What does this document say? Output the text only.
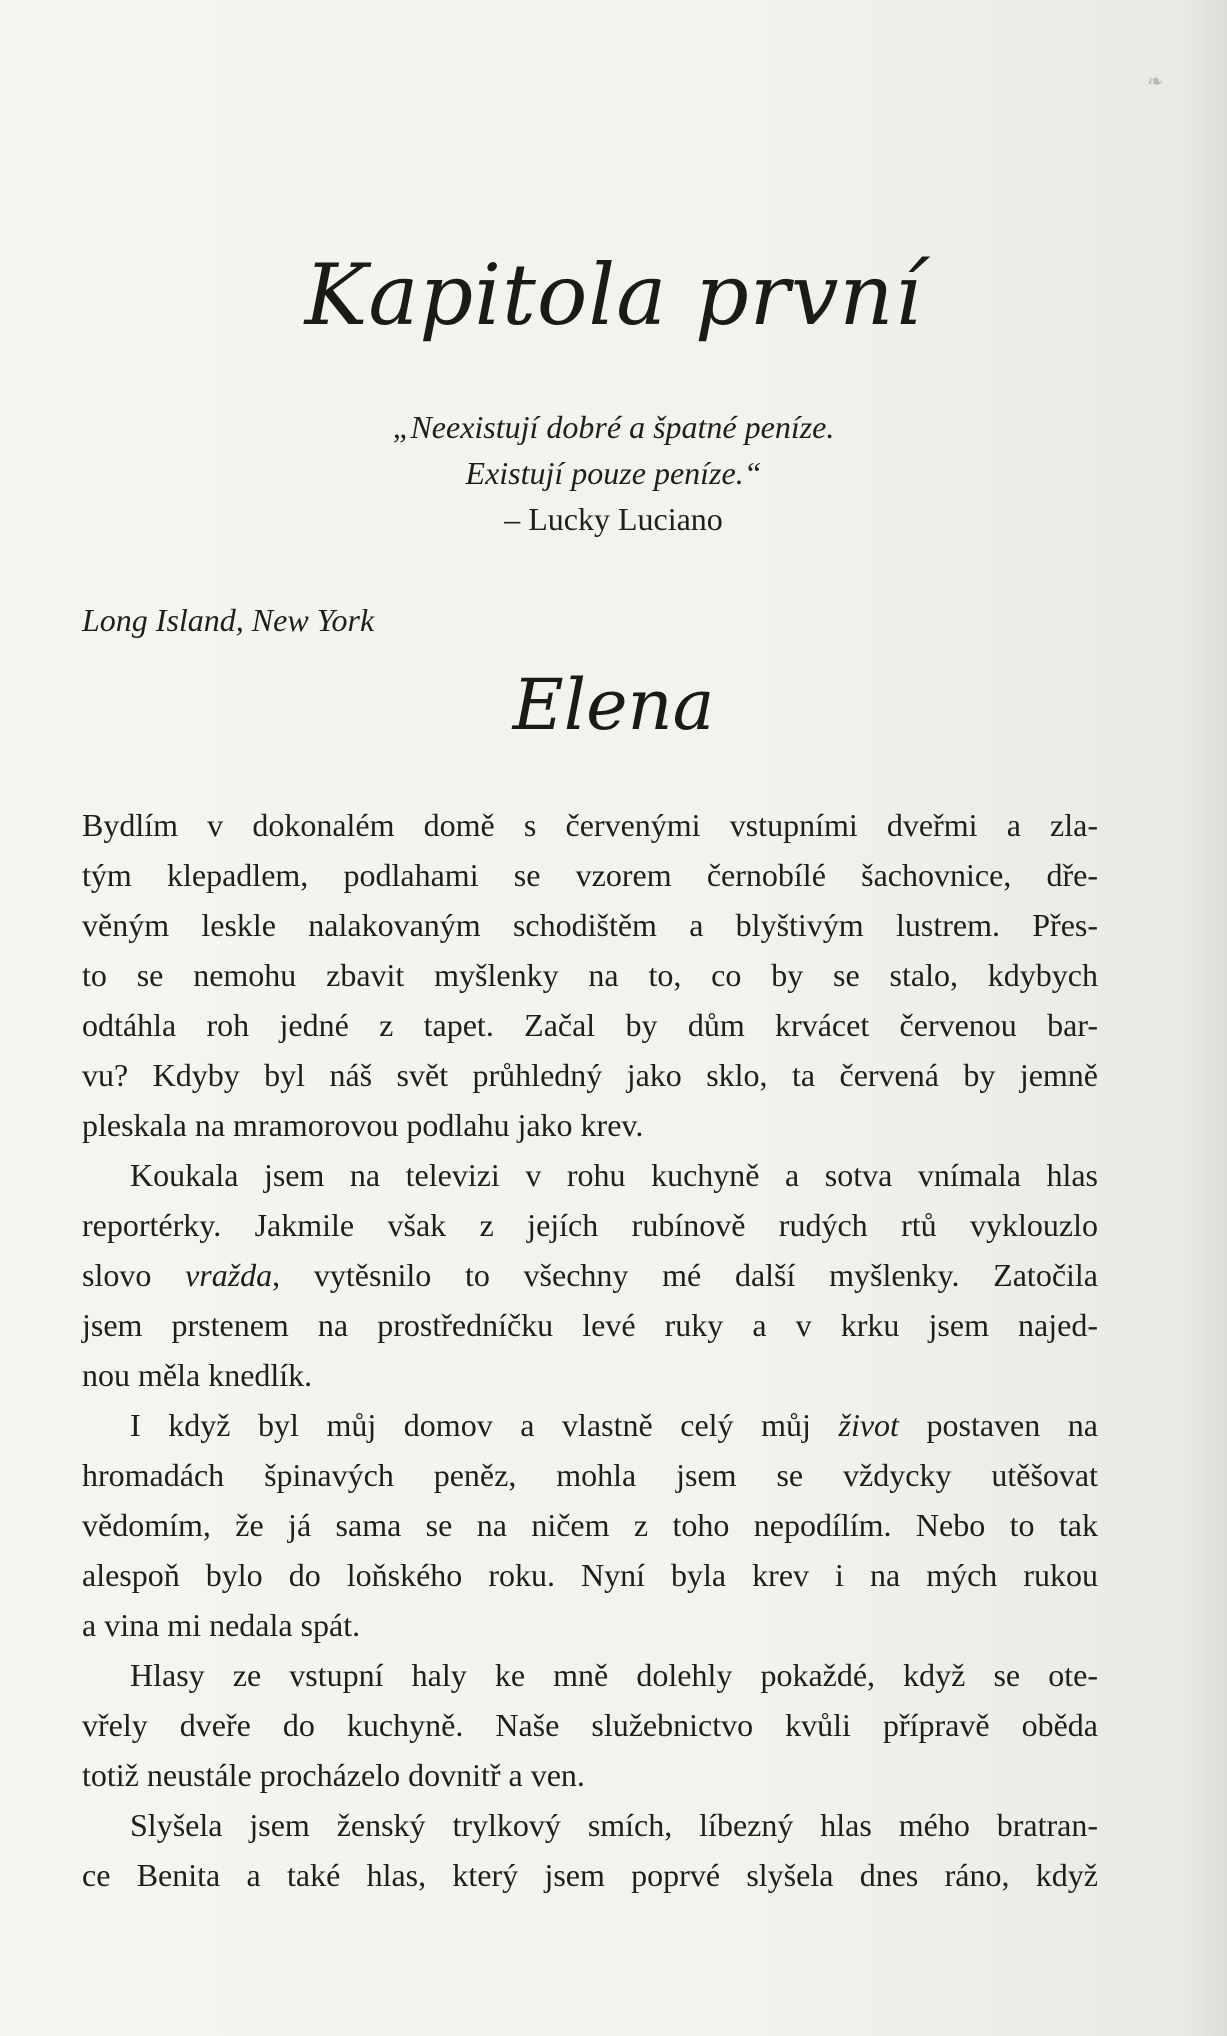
❧
Kapitola první
„Neexistují dobré a špatné peníze.
Existují pouze peníze.“
– Lucky Luciano
Long Island, New York
Elena

Bydlím v dokonalém domě s červenými vstupními dveřmi a zla-
tým klepadlem, podlahami se vzorem černobílé šachovnice, dře-
věným leskle nalakovaným schodištěm a blyštivým lustrem. Přes-
to se nemohu zbavit myšlenky na to, co by se stalo, kdybych
odtáhla roh jedné z tapet. Začal by dům krvácet červenou bar-
vu? Kdyby byl náš svět průhledný jako sklo, ta červená by jemně
pleskala na mramorovou podlahu jako krev.

Koukala jsem na televizi v rohu kuchyně a sotva vnímala hlas
reportérky. Jakmile však z jejích rubínově rudých rtů vyklouzlo
slovo vražda, vytěsnilo to všechny mé další myšlenky. Zatočila
jsem prstenem na prostředníčku levé ruky a v krku jsem najed-
nou měla knedlík.

I když byl můj domov a vlastně celý můj život postaven na
hromadách špinavých peněz, mohla jsem se vždycky utěšovat
vědomím, že já sama se na ničem z toho nepodílím. Nebo to tak
alespoň bylo do loňského roku. Nyní byla krev i na mých rukou
a vina mi nedala spát.

Hlasy ze vstupní haly ke mně dolehly pokaždé, když se ote-
vřely dveře do kuchyně. Naše služebnictvo kvůli přípravě oběda
totiž neustále procházelo dovnitř a ven.

Slyšela jsem ženský trylkový smích, líbezný hlas mého bratran-
ce Benita a také hlas, který jsem poprvé slyšela dnes ráno, když
